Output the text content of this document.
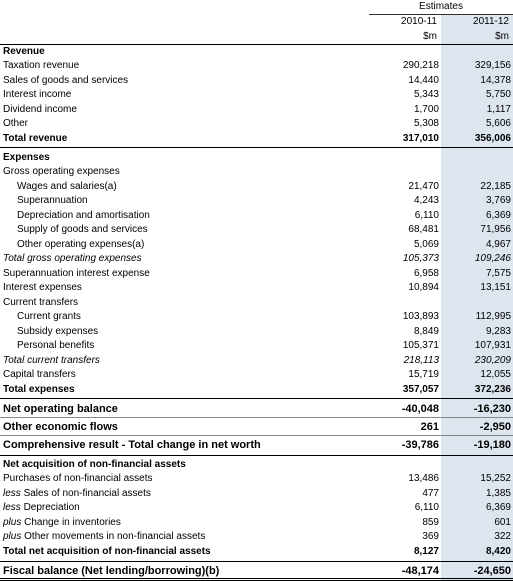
Estimates
2010-11	2011-12
$m	$m
Revenue
Taxation revenue	290,218	329,156
Sales of goods and services	14,440	14,378
Interest income	5,343	5,750
Dividend income	1,700	1,117
Other	5,308	5,606
Total revenue	317,010	356,006
Expenses
Gross operating expenses
Wages and salaries(a)	21,470	22,185
Superannuation	4,243	3,769
Depreciation and amortisation	6,110	6,369
Supply of goods and services	68,481	71,956
Other operating expenses(a)	5,069	4,967
Total gross operating expenses	105,373	109,246
Superannuation interest expense	6,958	7,575
Interest expenses	10,894	13,151
Current transfers
Current grants	103,893	112,995
Subsidy expenses	8,849	9,283
Personal benefits	105,371	107,931
Total current transfers	218,113	230,209
Capital transfers	15,719	12,055
Total expenses	357,057	372,236
Net operating balance	-40,048	-16,230
Other economic flows	261	-2,950
Comprehensive result - Total change in net worth	-39,786	-19,180
Net acquisition of non-financial assets
Purchases of non-financial assets	13,486	15,252
less Sales of non-financial assets	477	1,385
less Depreciation	6,110	6,369
plus Change in inventories	859	601
plus Other movements in non-financial assets	369	322
Total net acquisition of non-financial assets	8,127	8,420
Fiscal balance (Net lending/borrowing)(b)	-48,174	-24,650
